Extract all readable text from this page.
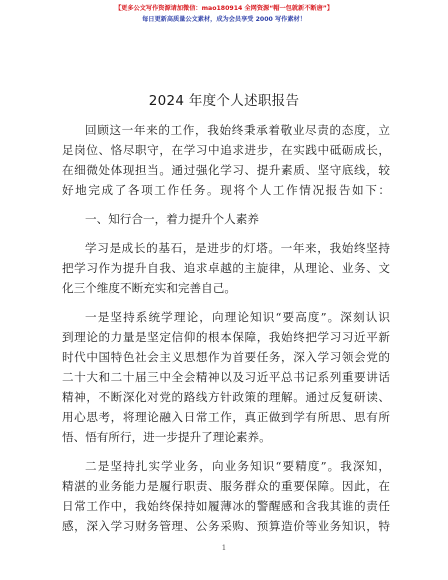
【更多公文写作资源请加微信：mao180914 全网资源“帽一包就新不断唐”】
每日更新高质量公文素材，成为会员享受 2000 写作素材！
2024 年度个人述职报告
回顾这一年来的工作，我始终秉承着敬业尽责的态度，立
足岗位、恪尽职守，在学习中追求进步，在实践中砥砺成长，
在细微处体现担当。通过强化学习、提升素质、坚守底线，较
好地完成了各项工作任务。现将个人工作情况报告如下：
一、知行合一，着力提升个人素养
学习是成长的基石，是进步的灯塔。一年来，我始终坚持
把学习作为提升自我、追求卓越的主旋律，从理论、业务、文
化三个维度不断充实和完善自己。
一是坚持系统学理论，向理论知识“要高度”。深刻认识
到理论的力量是坚定信仰的根本保障，我始终把学习习近平新
时代中国特色社会主义思想作为首要任务，深入学习领会党的
二十大和二十届三中全会精神以及习近平总书记系列重要讲话
精神，不断深化对党的路线方针政策的理解。通过反复研读、
用心思考，将理论融入日常工作，真正做到学有所思、思有所
悟、悟有所行，进一步提升了理论素养。
二是坚持扎实学业务，向业务知识“要精度”。我深知，
精湛的业务能力是履行职责、服务群众的重要保障。因此，在
日常工作中，我始终保持如履薄冰的警醒感和含我其谁的责任
感，深入学习财务管理、公务采购、预算造价等业务知识，特
1
